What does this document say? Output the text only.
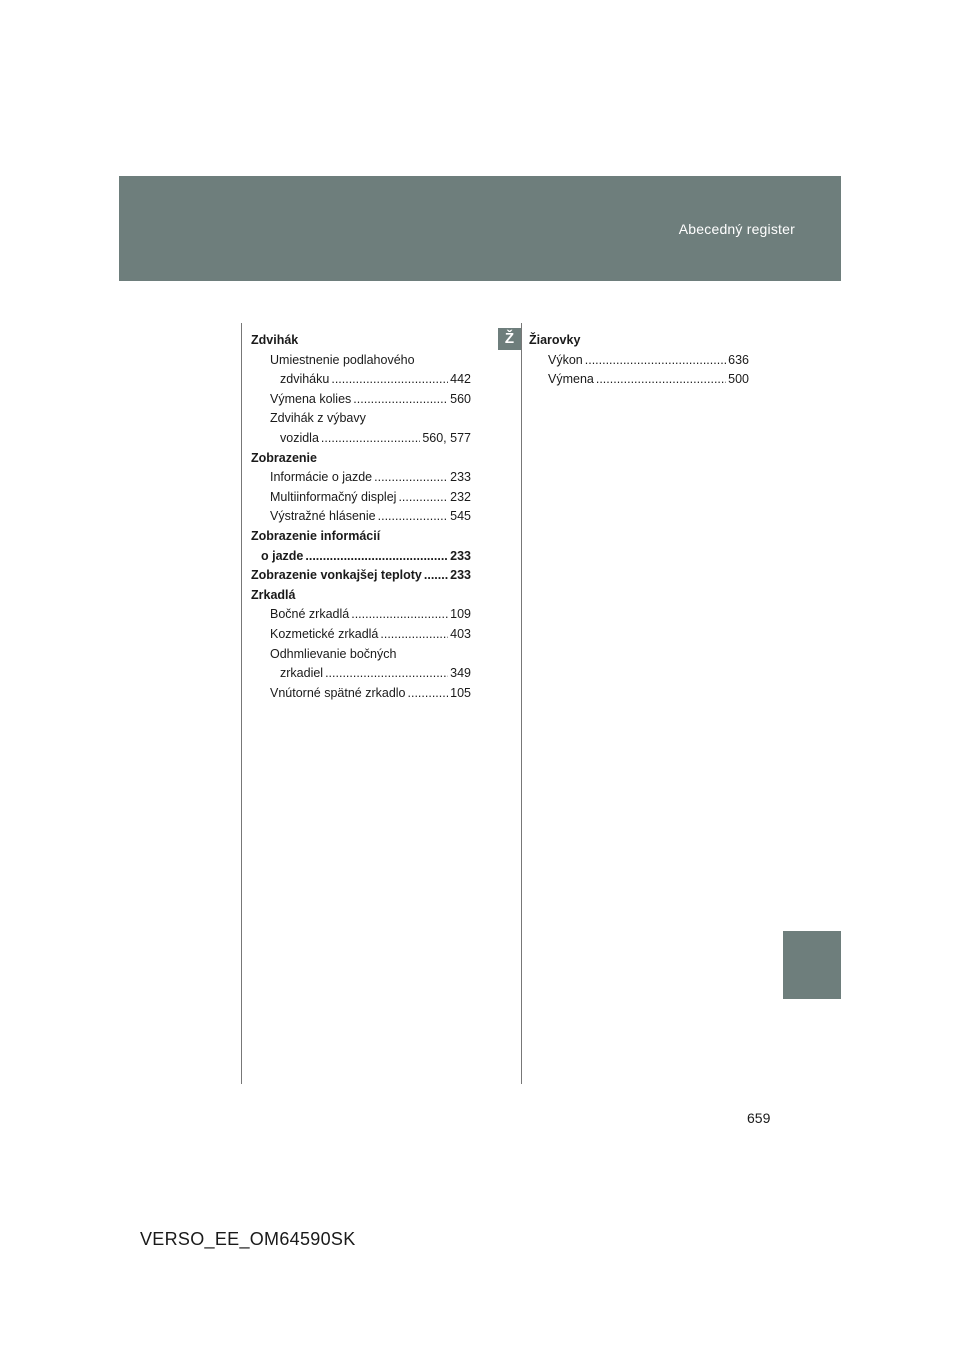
Abecedný register
Ž
Zdvihák
Umiestnenie podlahového
zdviháku .....	442
Výmena kolies .....	560
Zdvihák z výbavy
vozidla .....	560, 577
Zobrazenie
Informácie o jazde .....	233
Multiinformačný displej .....	232
Výstražné hlásenie .....	545
Zobrazenie informácií
o jazde .....	233
Zobrazenie vonkajšej teploty ..... 233
Zrkadlá
Bočné zrkadlá .....	109
Kozmetické zrkadlá .....	403
Odhmlievanie bočných
zrkadiel .....	349
Vnútorné spätné zrkadlo .....	105
Žiarovky
Výkon .....	636
Výmena .....	500
659
VERSO_EE_OM64590SK
